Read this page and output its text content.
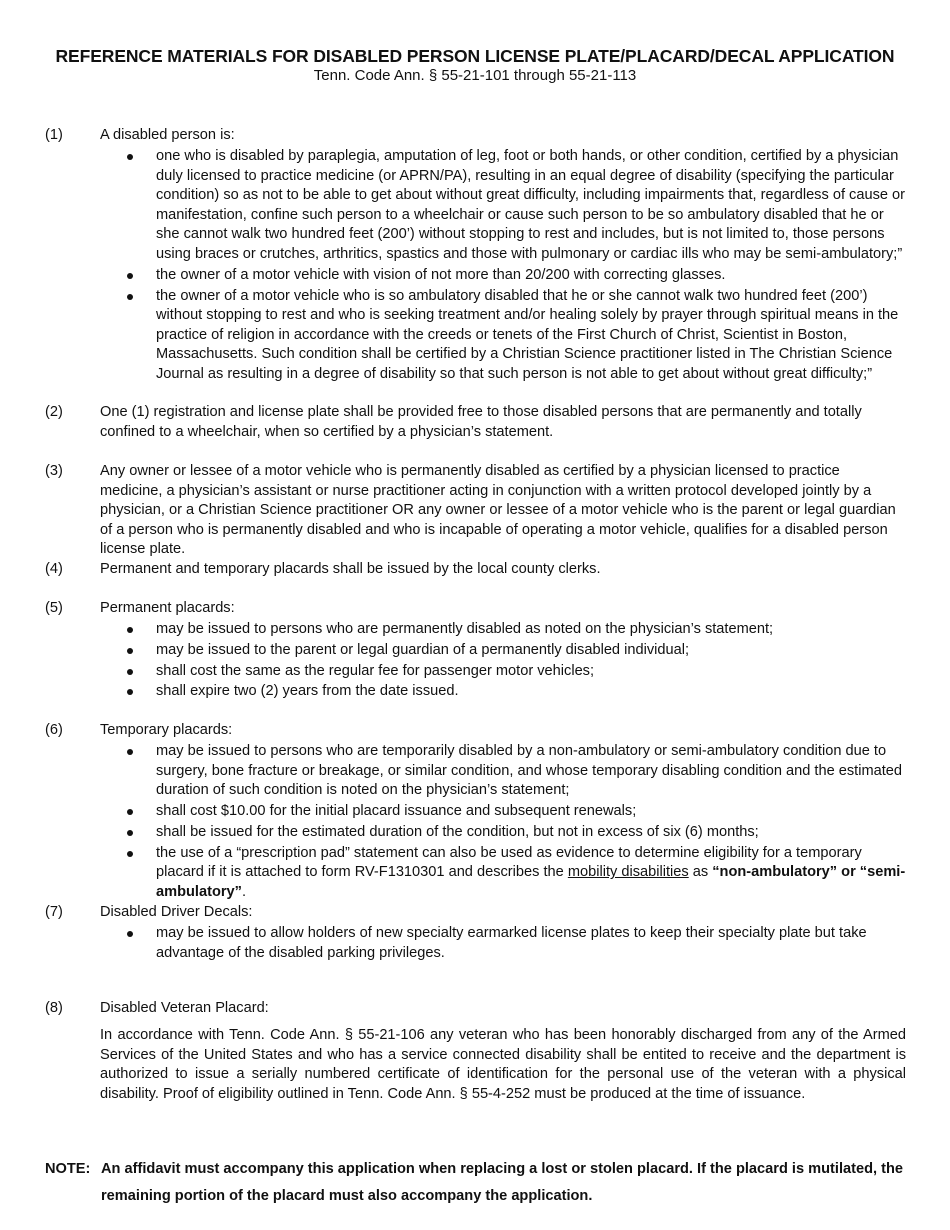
REFERENCE MATERIALS FOR DISABLED PERSON LICENSE PLATE/PLACARD/DECAL APPLICATION
Tenn. Code Ann. § 55-21-101 through 55-21-113
(1)	A disabled person is:
one who is disabled by paraplegia, amputation of leg, foot or both hands, or other condition, certified by a physician duly licensed to practice medicine (or APRN/PA), resulting in an equal degree of disability (specifying the particular condition) so as not to be able to get about without great difficulty, including impairments that, regardless of cause or manifestation, confine such person to a wheelchair or cause such person to be so ambulatory disabled that he or she cannot walk two hundred feet (200’) without stopping to rest and includes, but is not limited to, those persons using braces or crutches, arthritics, spastics and those with pulmonary or cardiac ills who may be semi-ambulatory;”
the owner of a motor vehicle with vision of not more than 20/200 with correcting glasses.
the owner of a motor vehicle who is so ambulatory disabled that he or she cannot walk two hundred feet (200’) without stopping to rest and who is seeking treatment and/or healing solely by prayer through spiritual means in the practice of religion in accordance with the creeds or tenets of the First Church of Christ, Scientist in Boston, Massachusetts. Such condition shall be certified by a Christian Science practitioner listed in The Christian Science Journal as resulting in a degree of disability so that such person is not able to get about without great difficulty;”
(2)	One (1) registration and license plate shall be provided free to those disabled persons that are permanently and totally confined to a wheelchair, when so certified by a physician’s statement.
(3)	Any owner or lessee of a motor vehicle who is permanently disabled as certified by a physician licensed to practice medicine, a physician’s assistant or nurse practitioner acting in conjunction with a written protocol developed jointly by a physician, or a Christian Science practitioner OR any owner or lessee of a motor vehicle who is the parent or legal guardian of a person who is permanently disabled and who is incapable of operating a motor vehicle, qualifies for a disabled person license plate.
(4)	Permanent and temporary placards shall be issued by the local county clerks.
(5)	Permanent placards:
may be issued to persons who are permanently disabled as noted on the physician’s statement;
may be issued to the parent or legal guardian of a permanently disabled individual;
shall cost the same as the regular fee for passenger motor vehicles;
shall expire two (2) years from the date issued.
(6)	Temporary placards:
may be issued to persons who are temporarily disabled by a non-ambulatory or semi-ambulatory condition due to surgery, bone fracture or breakage, or similar condition, and whose temporary disabling condition and the estimated duration of such condition is noted on the physician’s statement;
shall cost $10.00 for the initial placard issuance and subsequent renewals;
shall be issued for the estimated duration of the condition, but not in excess of six (6) months;
the use of a “prescription pad” statement can also be used as evidence to determine eligibility for a temporary placard if it is attached to form RV-F1310301 and describes the mobility disabilities as “non-ambulatory” or “semi-ambulatory”.
(7)	Disabled Driver Decals:
may be issued to allow holders of new specialty earmarked license plates to keep their specialty plate but take advantage of the disabled parking privileges.
(8)	Disabled Veteran Placard:
In accordance with Tenn. Code Ann. § 55-21-106 any veteran who has been honorably discharged from any of the Armed Services of the United States and who has a service connected disability shall be entited to receive and the department is authorized to issue a serially numbered certificate of identification for the personal use of the veteran with a physical disability. Proof of eligibility outlined in Tenn. Code Ann. § 55-4-252 must be produced at the time of issuance.
NOTE: An affidavit must accompany this application when replacing a lost or stolen placard. If the placard is mutilated, the remaining portion of the placard must also accompany the application.
